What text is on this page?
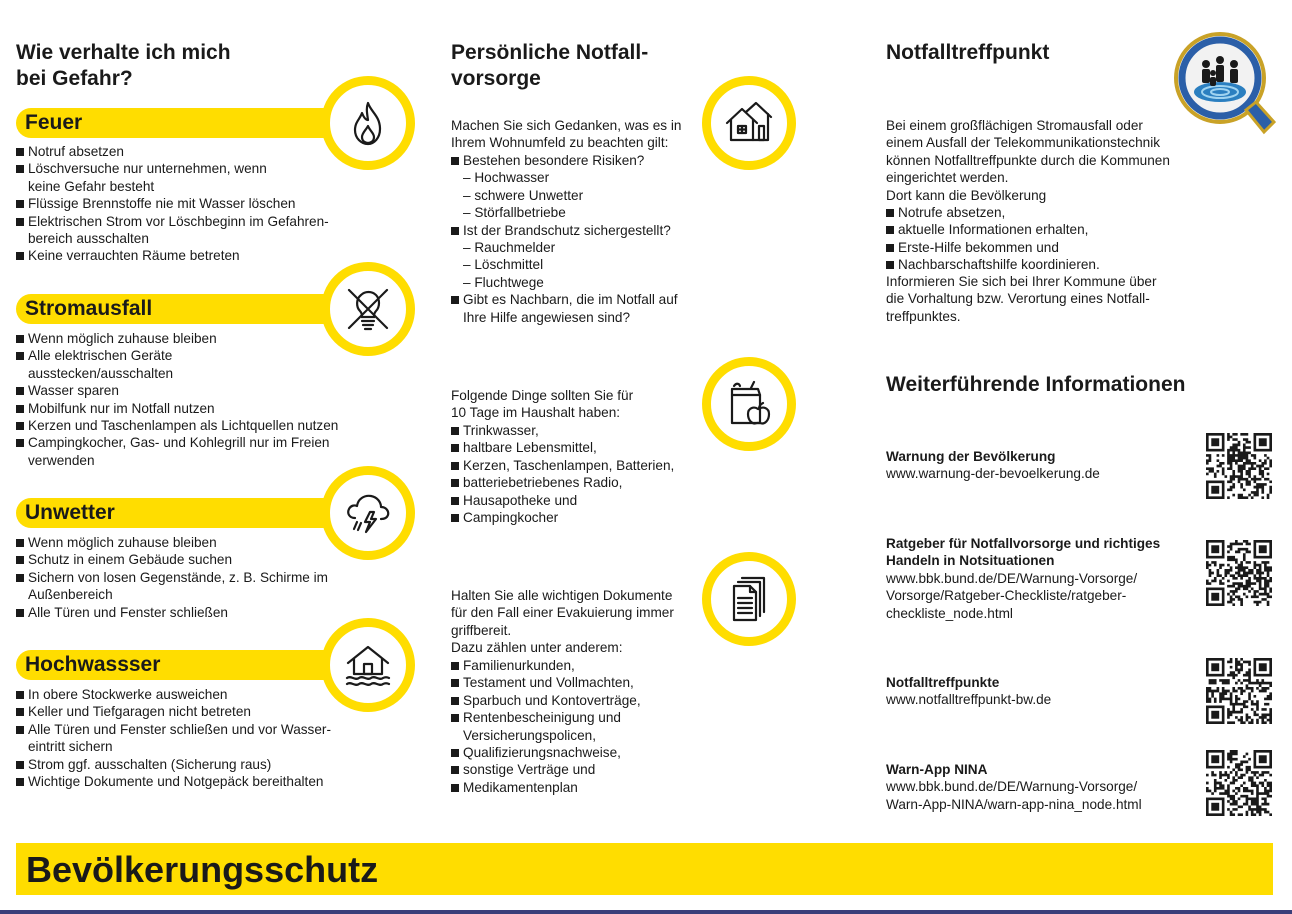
Wie verhalte ich mich
bei Gefahr?
Feuer
Notruf absetzen
Löschversuche nur unternehmen, wenn
keine Gefahr besteht
Flüssige Brennstoffe nie mit Wasser löschen
Elektrischen Strom vor Löschbeginn im Gefahren-
bereich ausschalten
Keine verrauchten Räume betreten
Stromausfall
Wenn möglich zuhause bleiben
Alle elektrischen Geräte
ausstecken/ausschalten
Wasser sparen
Mobilfunk nur im Notfall nutzen
Kerzen und Taschenlampen als Lichtquellen nutzen
Campingkocher, Gas- und Kohlegrill nur im Freien
verwenden
Unwetter
Wenn möglich zuhause bleiben
Schutz in einem Gebäude suchen
Sichern von losen Gegenstände, z. B. Schirme im
Außenbereich
Alle Türen und Fenster schließen
Hochwassser
In obere Stockwerke ausweichen
Keller und Tiefgaragen nicht betreten
Alle Türen und Fenster schließen und vor Wasser-
eintritt sichern
Strom ggf. ausschalten (Sicherung raus)
Wichtige Dokumente und Notgepäck bereithalten
Persönliche Notfall-
vorsorge
Machen Sie sich Gedanken, was es in
Ihrem Wohnumfeld zu beachten gilt:
Bestehen besondere Risiken?
– Hochwasser
– schwere Unwetter
– Störfallbetriebe
Ist der Brandschutz sichergestellt?
– Rauchmelder
– Löschmittel
– Fluchtwege
Gibt es Nachbarn, die im Notfall auf
Ihre Hilfe angewiesen sind?
Folgende Dinge sollten Sie für
10 Tage im Haushalt haben:
Trinkwasser,
haltbare Lebensmittel,
Kerzen, Taschenlampen, Batterien,
batteriebetriebenes Radio,
Hausapotheke und
Campingkocher
Halten Sie alle wichtigen Dokumente
für den Fall einer Evakuierung immer
griffbereit.
Dazu zählen unter anderem:
Familienurkunden,
Testament und Vollmachten,
Sparbuch und Kontoverträge,
Rentenbescheinigung und
Versicherungspolicen,
Qualifizierungsnachweise,
sonstige Verträge und
Medikamentenplan
Notfalltreffpunkt
Bei einem großflächigen Stromausfall oder
einem Ausfall der Telekommunikationstechnik
können Notfalltreffpunkte durch die Kommunen
eingerichtet werden.
Dort kann die Bevölkerung
Notrufe absetzen,
aktuelle Informationen erhalten,
Erste-Hilfe bekommen und
Nachbarschaftshilfe koordinieren.
Informieren Sie sich bei Ihrer Kommune über
die Vorhaltung bzw. Verortung eines Notfall-
treffpunktes.
Weiterführende Informationen
Warnung der Bevölkerung
www.warnung-der-bevoelkerung.de
Ratgeber für Notfallvorsorge und richtiges
Handeln in Notsituationen
www.bbk.bund.de/DE/Warnung-Vorsorge/
Vorsorge/Ratgeber-Checkliste/ratgeber-
checkliste_node.html
Notfalltreffpunkte
www.notfalltreffpunkt-bw.de
Warn-App NINA
www.bbk.bund.de/DE/Warnung-Vorsorge/
Warn-App-NINA/warn-app-nina_node.html
Bevölkerungsschutz
